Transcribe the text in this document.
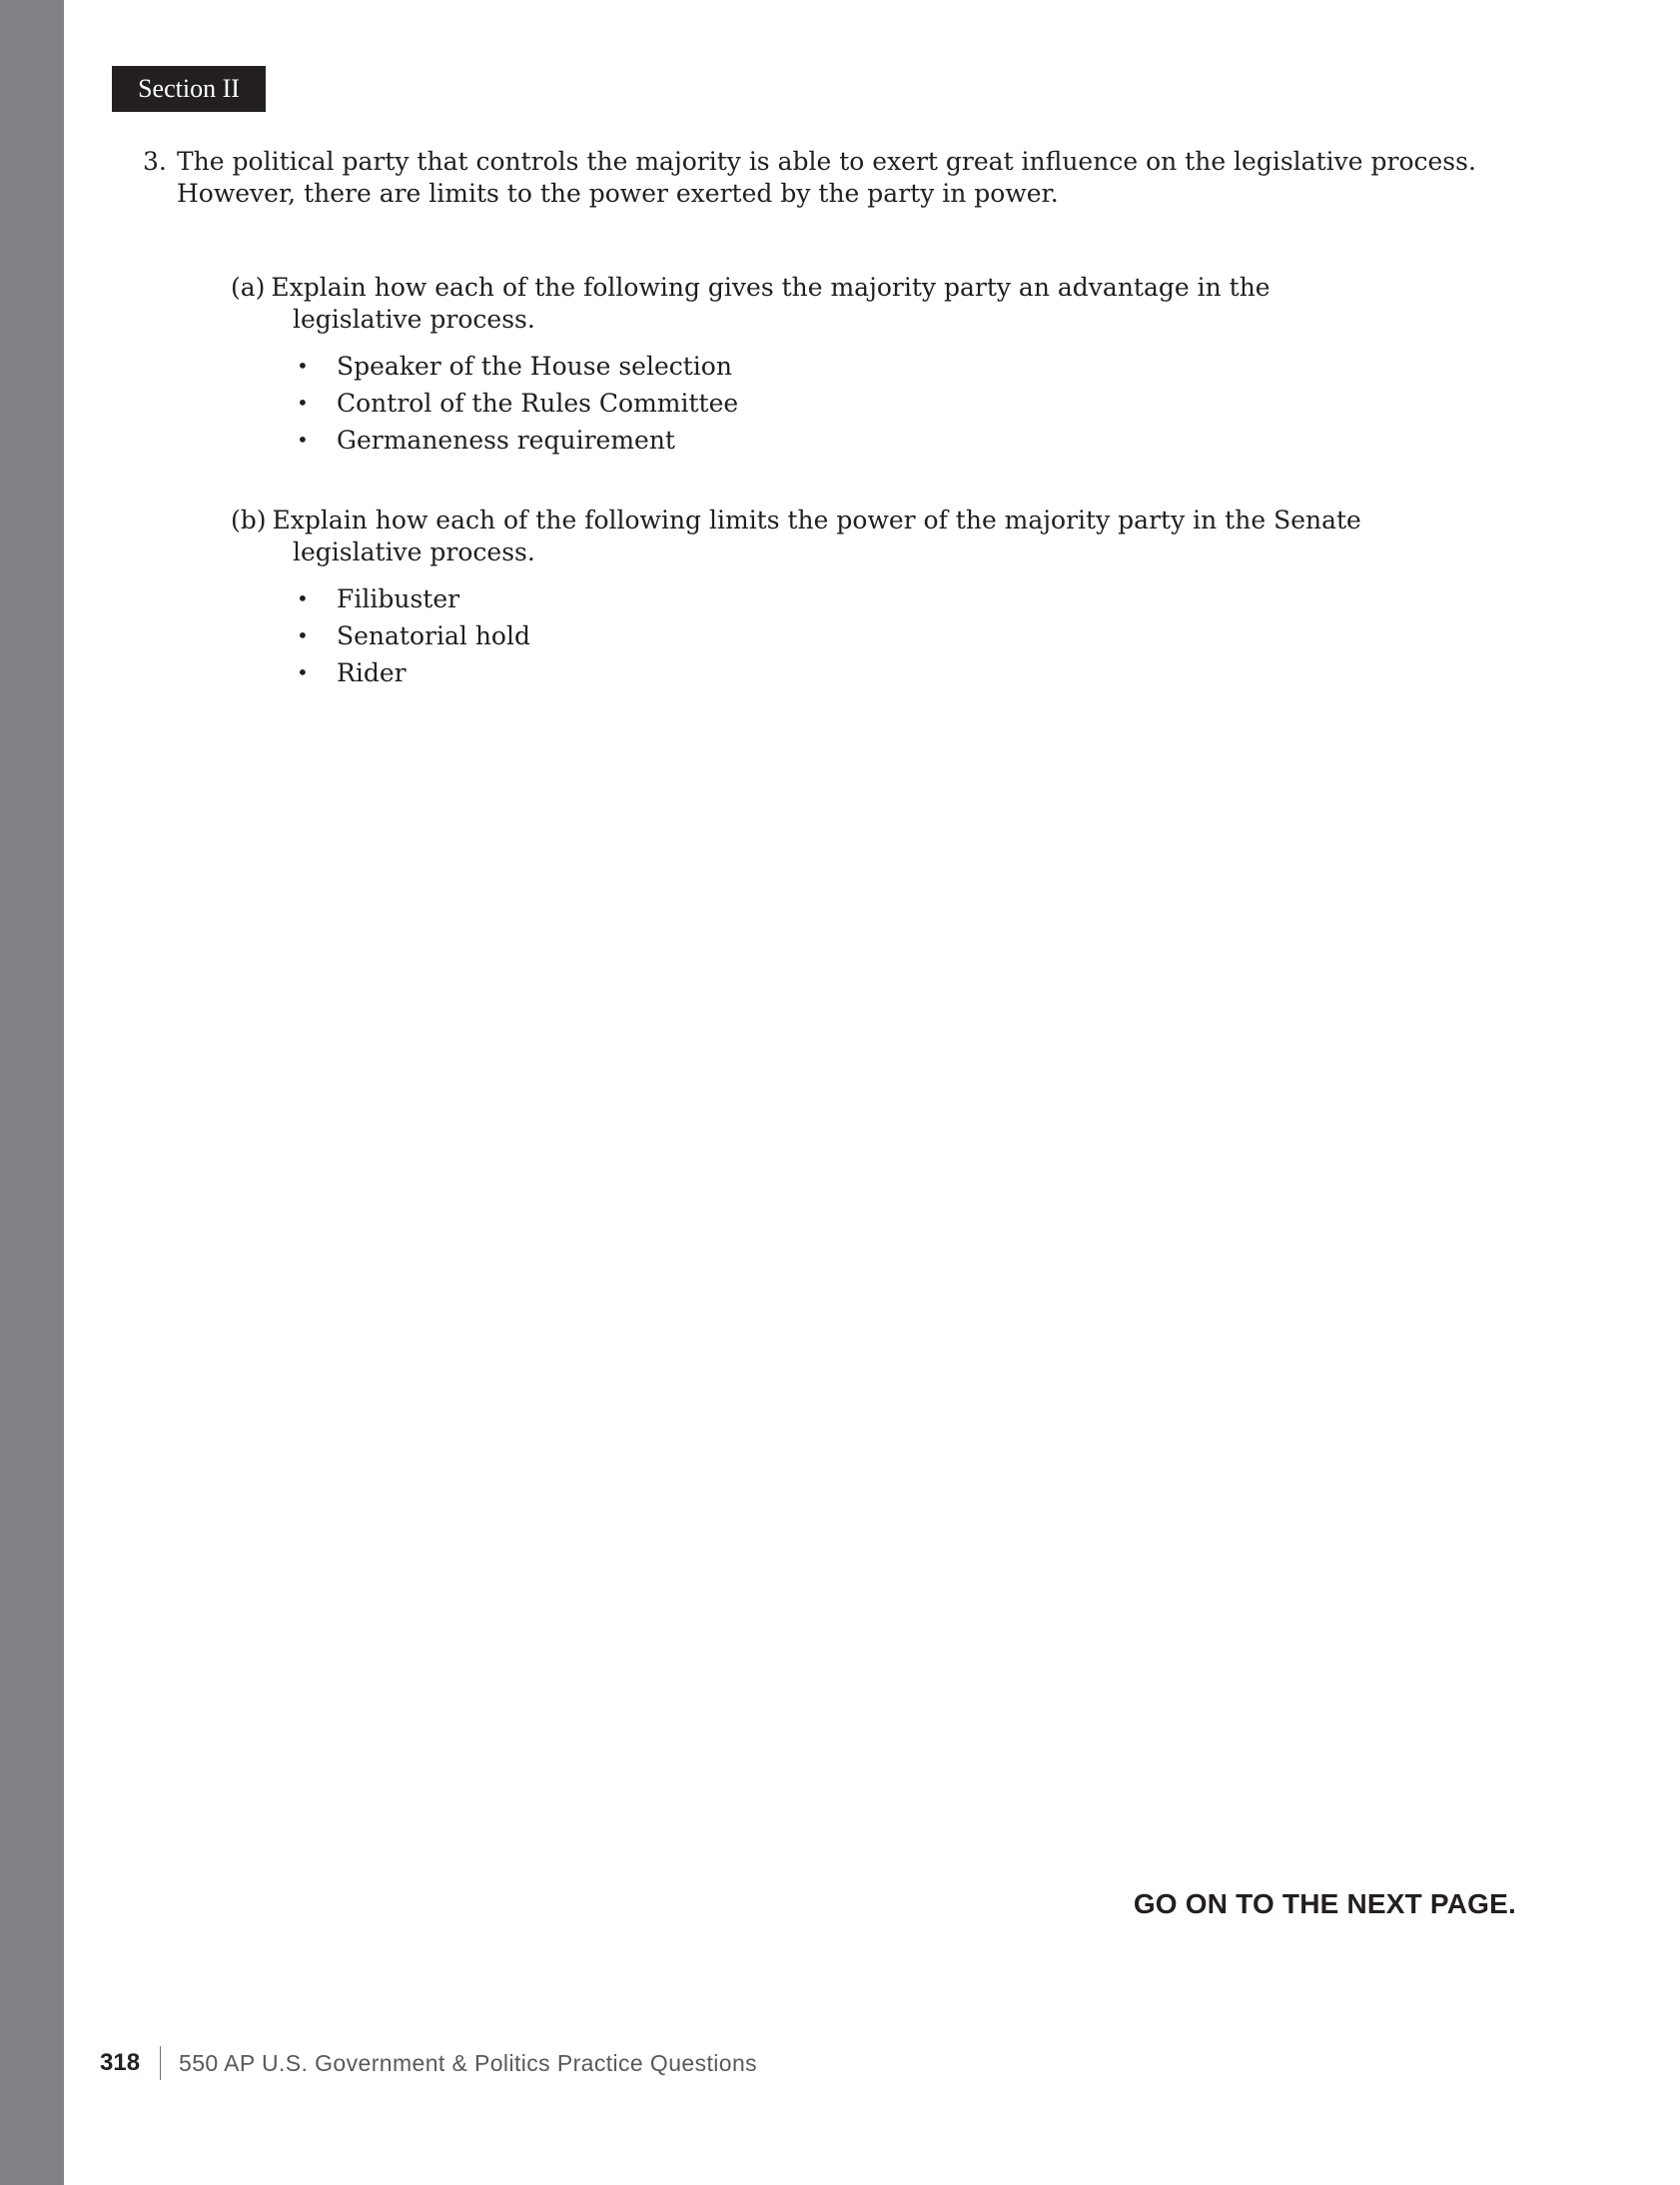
Section II
3. The political party that controls the majority is able to exert great influence on the legislative process. However, there are limits to the power exerted by the party in power.
(a) Explain how each of the following gives the majority party an advantage in the legislative process.
• Speaker of the House selection
• Control of the Rules Committee
• Germaneness requirement
(b) Explain how each of the following limits the power of the majority party in the Senate legislative process.
• Filibuster
• Senatorial hold
• Rider
GO ON TO THE NEXT PAGE.
318 550 AP U.S. Government & Politics Practice Questions
